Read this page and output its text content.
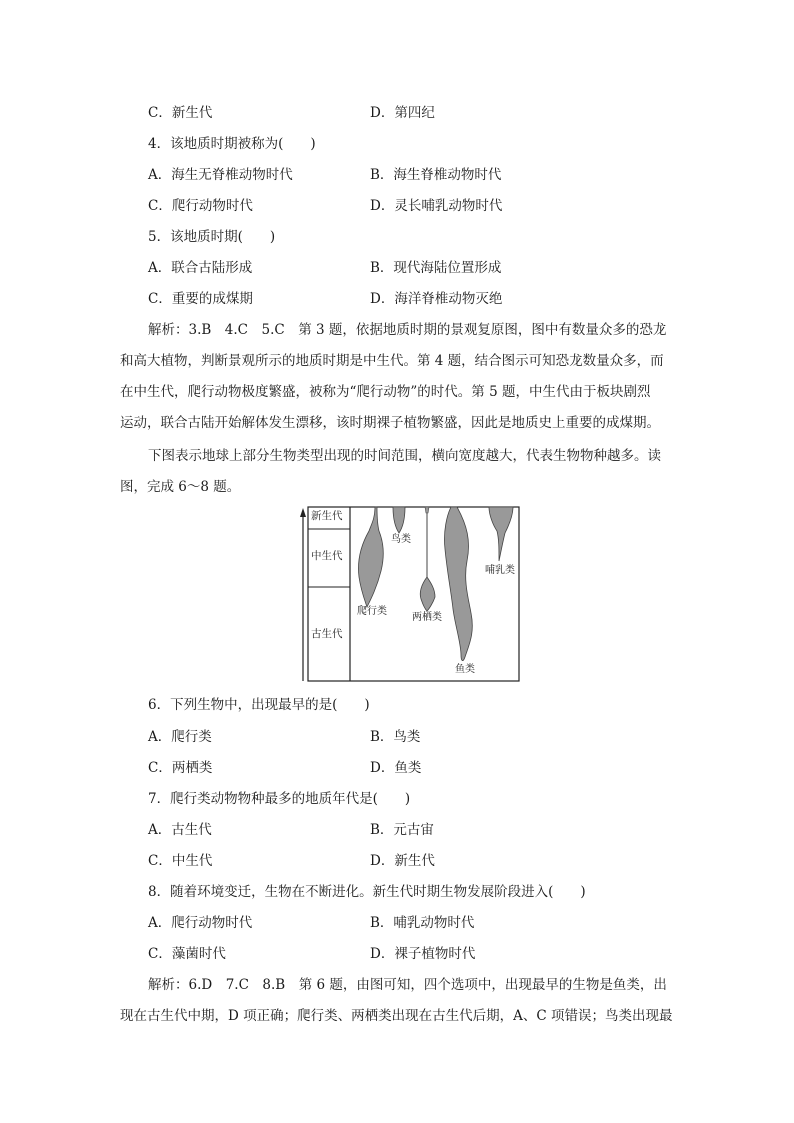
C．新生代	D．第四纪
4．该地质时期被称为(　　)
A．海生无脊椎动物时代	B．海生脊椎动物时代
C．爬行动物时代	D．灵长哺乳动物时代
5．该地质时期(　　)
A．联合古陆形成	B．现代海陆位置形成
C．重要的成煤期	D．海洋脊椎动物灭绝
解析：3.B　4.C　5.C　第 3 题，依据地质时期的景观复原图，图中有数量众多的恐龙
和高大植物，判断景观所示的地质时期是中生代。第 4 题，结合图示可知恐龙数量众多，而
在中生代，爬行动物极度繁盛，被称为“爬行动物”的时代。第 5 题，中生代由于板块剧烈
运动，联合古陆开始解体发生漂移，该时期裸子植物繁盛，因此是地质史上重要的成煤期。
下图表示地球上部分生物类型出现的时间范围，横向宽度越大，代表生物物种越多。读
图，完成 6～8 题。
新生代
中生代
古生代
鸟类
爬行类
两栖类
鱼类
哺乳类
6．下列生物中，出现最早的是(　　)
A．爬行类	B．鸟类
C．两栖类	D．鱼类
7．爬行类动物物种最多的地质年代是(　　)
A．古生代	B．元古宙
C．中生代	D．新生代
8．随着环境变迁，生物在不断进化。新生代时期生物发展阶段进入(　　)
A．爬行动物时代	B．哺乳动物时代
C．藻菌时代	D．裸子植物时代
解析：6.D　7.C　8.B　第 6 题，由图可知，四个选项中，出现最早的生物是鱼类，出
现在古生代中期，D 项正确；爬行类、两栖类出现在古生代后期，A、C 项错误；鸟类出现最
